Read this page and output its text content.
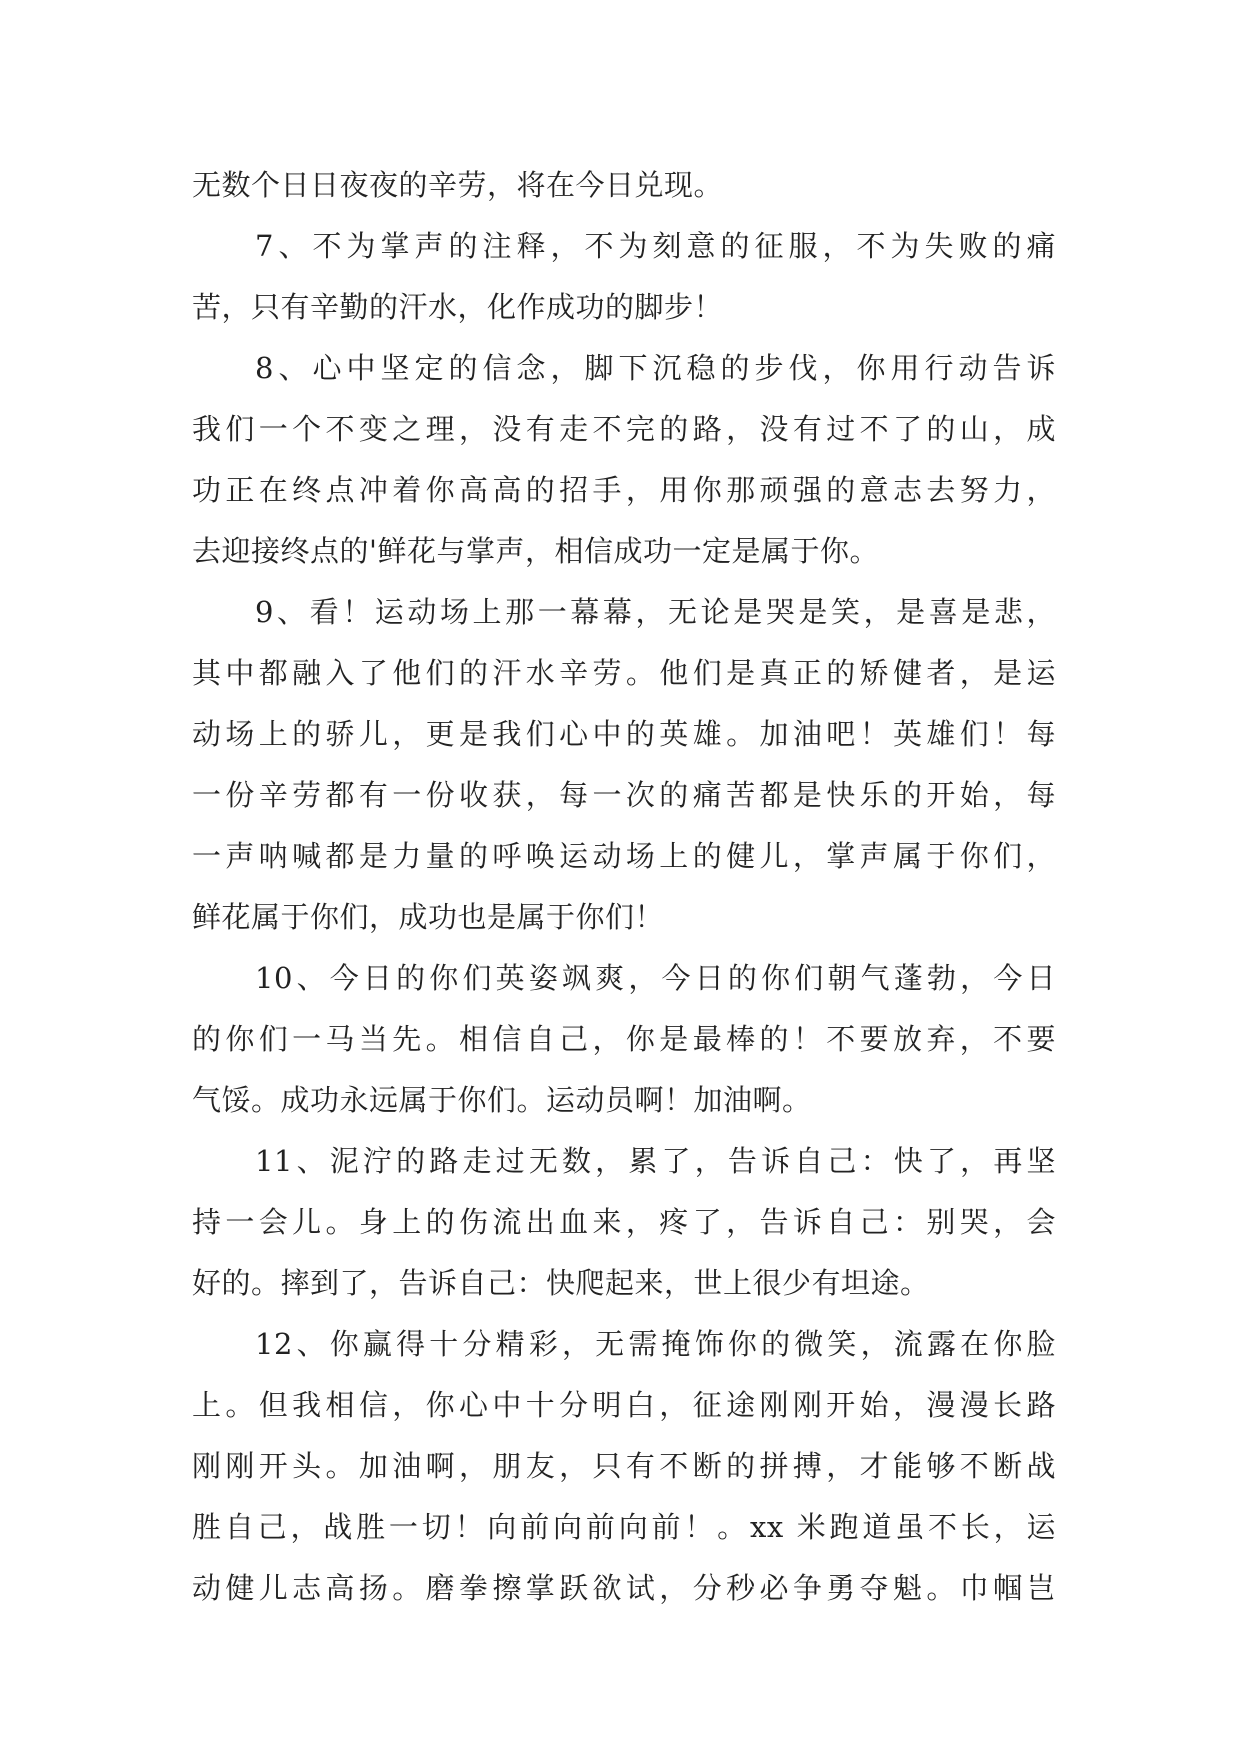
无数个日日夜夜的辛劳，将在今日兑现。
7、不为掌声的注释，不为刻意的征服，不为失败的痛
苦，只有辛勤的汗水，化作成功的脚步！
8、心中坚定的信念，脚下沉稳的步伐，你用行动告诉
我们一个不变之理，没有走不完的路，没有过不了的山，成
功正在终点冲着你高高的招手，用你那顽强的意志去努力，
去迎接终点的'鲜花与掌声，相信成功一定是属于你。
9、看！运动场上那一幕幕，无论是哭是笑，是喜是悲，
其中都融入了他们的汗水辛劳。他们是真正的矫健者，是运
动场上的骄儿，更是我们心中的英雄。加油吧！英雄们！每
一份辛劳都有一份收获，每一次的痛苦都是快乐的开始，每
一声呐喊都是力量的呼唤运动场上的健儿，掌声属于你们，
鲜花属于你们，成功也是属于你们！
10、今日的你们英姿飒爽，今日的你们朝气蓬勃，今日
的你们一马当先。相信自己，你是最棒的！不要放弃，不要
气馁。成功永远属于你们。运动员啊！加油啊。
11、泥泞的路走过无数，累了，告诉自己：快了，再坚
持一会儿。身上的伤流出血来，疼了，告诉自己：别哭，会
好的。摔到了，告诉自己：快爬起来，世上很少有坦途。
12、你赢得十分精彩，无需掩饰你的微笑，流露在你脸
上。但我相信，你心中十分明白，征途刚刚开始，漫漫长路
刚刚开头。加油啊，朋友，只有不断的拼搏，才能够不断战
胜自己，战胜一切！向前向前向前！。xx 米跑道虽不长，运
动健儿志高扬。磨拳擦掌跃欲试，分秒必争勇夺魁。巾帼岂
